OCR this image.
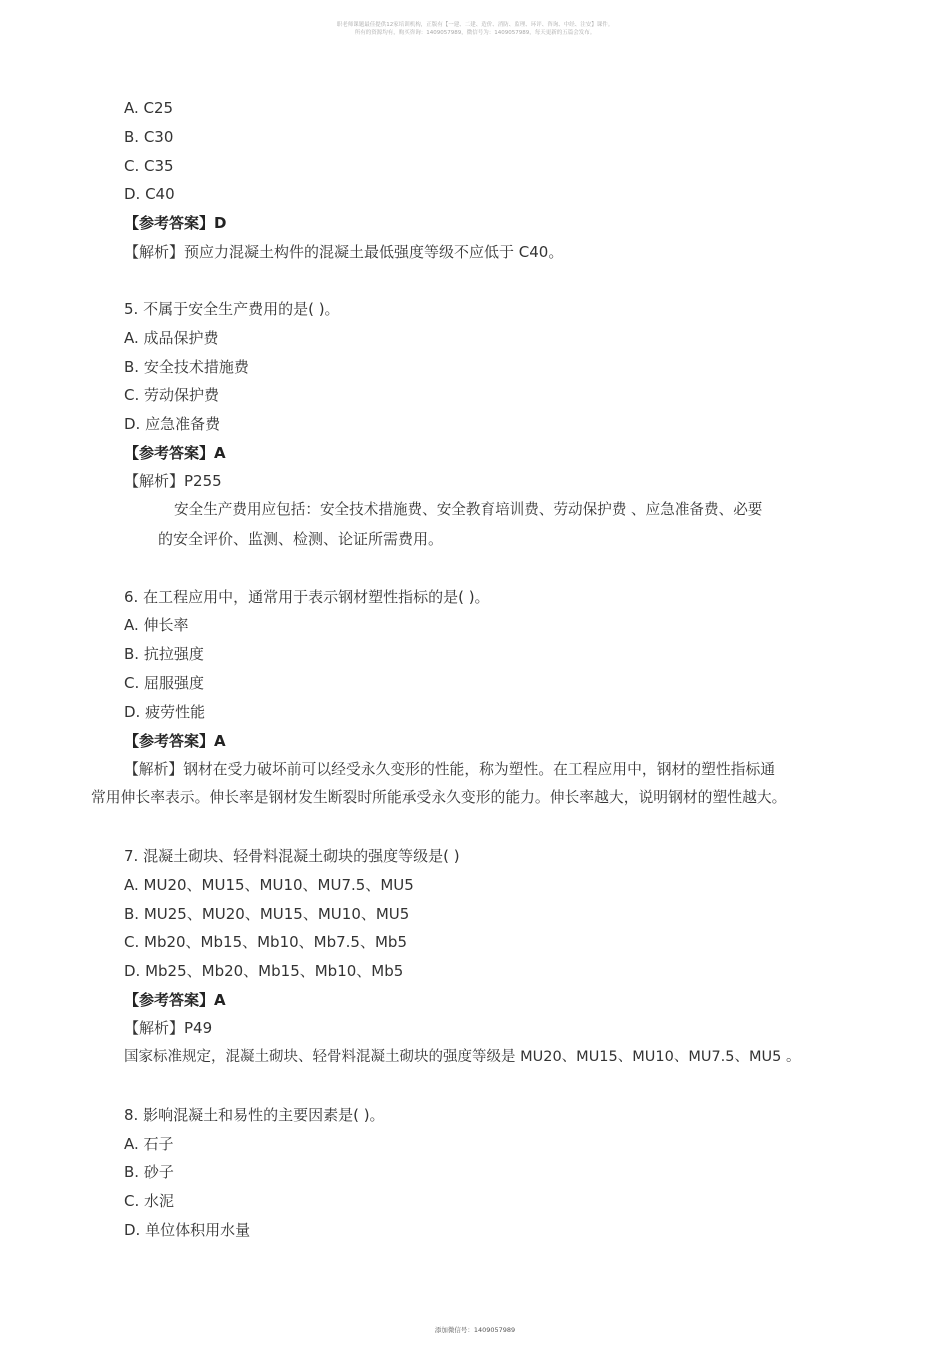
职老师课题最佳提供12家培训机构，正版有【一建、二建、造价、消防、监理、环评、咨询、中经、注安】课件。
所有的资源均有，购买咨询：1409057989，微信号为：1409057989，每天更新的五篇会发布。
A. C25
B. C30
C. C35
D. C40
【参考答案】D
【解析】预应力混凝土构件的混凝土最低强度等级不应低于 C40。
5. 不属于安全生产费用的是( )。
A. 成品保护费
B. 安全技术措施费
C. 劳动保护费
D. 应急准备费
【参考答案】A
【解析】P255
安全生产费用应包括：安全技术措施费、安全教育培训费、劳动保护费 、应急准备费、必要
的安全评价、监测、检测、论证所需费用。
6. 在工程应用中，通常用于表示钢材塑性指标的是( )。
A. 伸长率
B. 抗拉强度
C. 屈服强度
D. 疲劳性能
【参考答案】A
【解析】钢材在受力破坏前可以经受永久变形的性能，称为塑性。在工程应用中，钢材的塑性指标通
常用伸长率表示。伸长率是钢材发生断裂时所能承受永久变形的能力。伸长率越大，说明钢材的塑性越大。
7. 混凝土砌块、轻骨料混凝土砌块的强度等级是( )
A. MU20、MU15、MU10、MU7.5、MU5
B. MU25、MU20、MU15、MU10、MU5
C. Mb20、Mb15、Mb10、Mb7.5、Mb5
D. Mb25、Mb20、Mb15、Mb10、Mb5
【参考答案】A
【解析】P49
国家标准规定，混凝土砌块、轻骨料混凝土砌块的强度等级是 MU20、MU15、MU10、MU7.5、MU5 。
8. 影响混凝土和易性的主要因素是( )。
A. 石子
B. 砂子
C. 水泥
D. 单位体积用水量
添加微信号：1409057989
